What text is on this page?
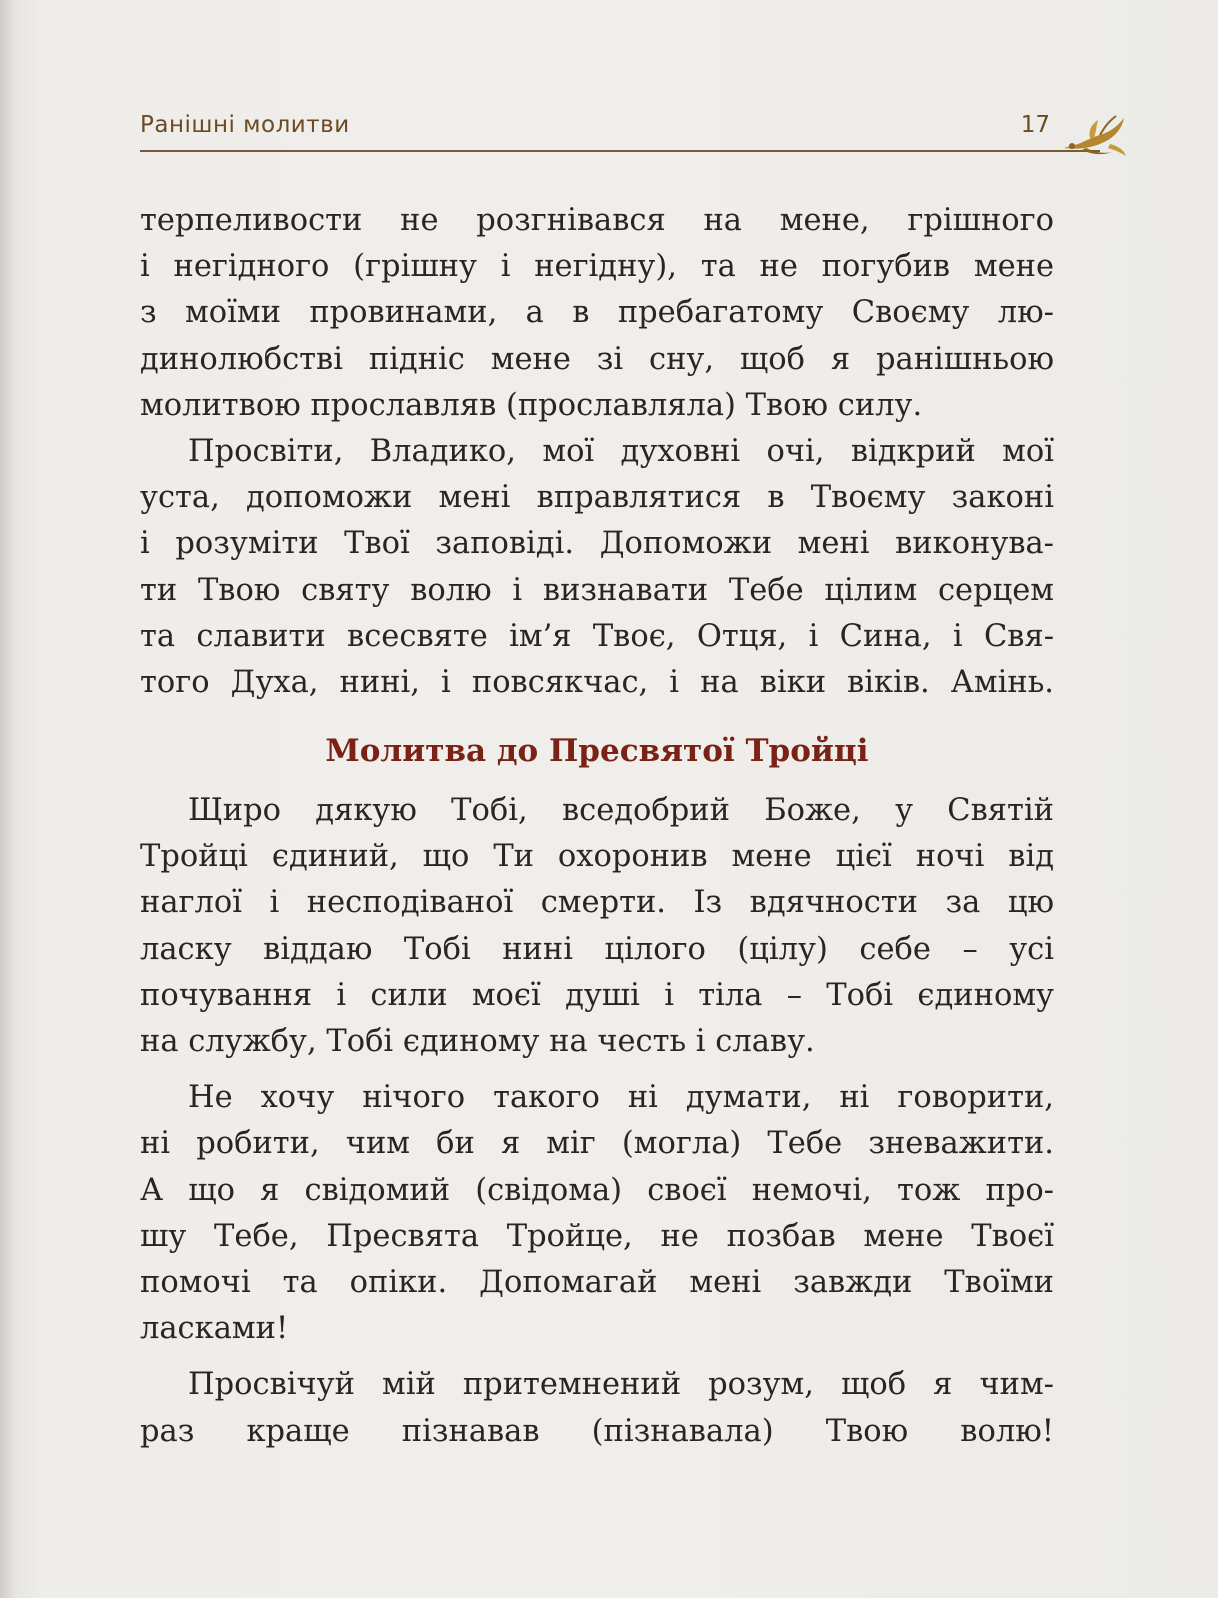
Ранішні молитви	17
терпеливости не розгнівався на мене, грішного
і негідного (грішну і негідну), та не погубив мене
з моїми провинами, а в пребагатому Своєму лю-
динолюбстві підніс мене зі сну, щоб я ранішньою
молитвою прославляв (прославляла) Твою силу.
Просвіти, Владико, мої духовні очі, відкрий мої
уста, допоможи мені вправлятися в Твоєму законі
і розуміти Твої заповіді. Допоможи мені виконува-
ти Твою святу волю і визнавати Тебе цілим серцем
та славити всесвяте ім’я Твоє, Отця, і Сина, і Свя-
того Духа, нині, і повсякчас, і на віки віків. Амінь.
Молитва до Пресвятої Тройці
Щиро дякую Тобі, вседобрий Боже, у Святій
Тройці єдиний, що Ти охоронив мене цієї ночі від
наглої і несподіваної смерти. Із вдячности за цю
ласку віддаю Тобі нині цілого (цілу) себе – усі
почування і сили моєї душі і тіла – Тобі єдиному
на службу, Тобі єдиному на честь і славу.
Не хочу нічого такого ні думати, ні говорити,
ні робити, чим би я міг (могла) Тебе зневажити.
А що я свідомий (свідома) своєї немочі, тож про-
шу Тебе, Пресвята Тройце, не позбав мене Твоєї
помочі та опіки. Допомагай мені завжди Твоїми
ласками!
Просвічуй мій притемнений розум, щоб я чим-
раз краще пізнавав (пізнавала) Твою волю!
